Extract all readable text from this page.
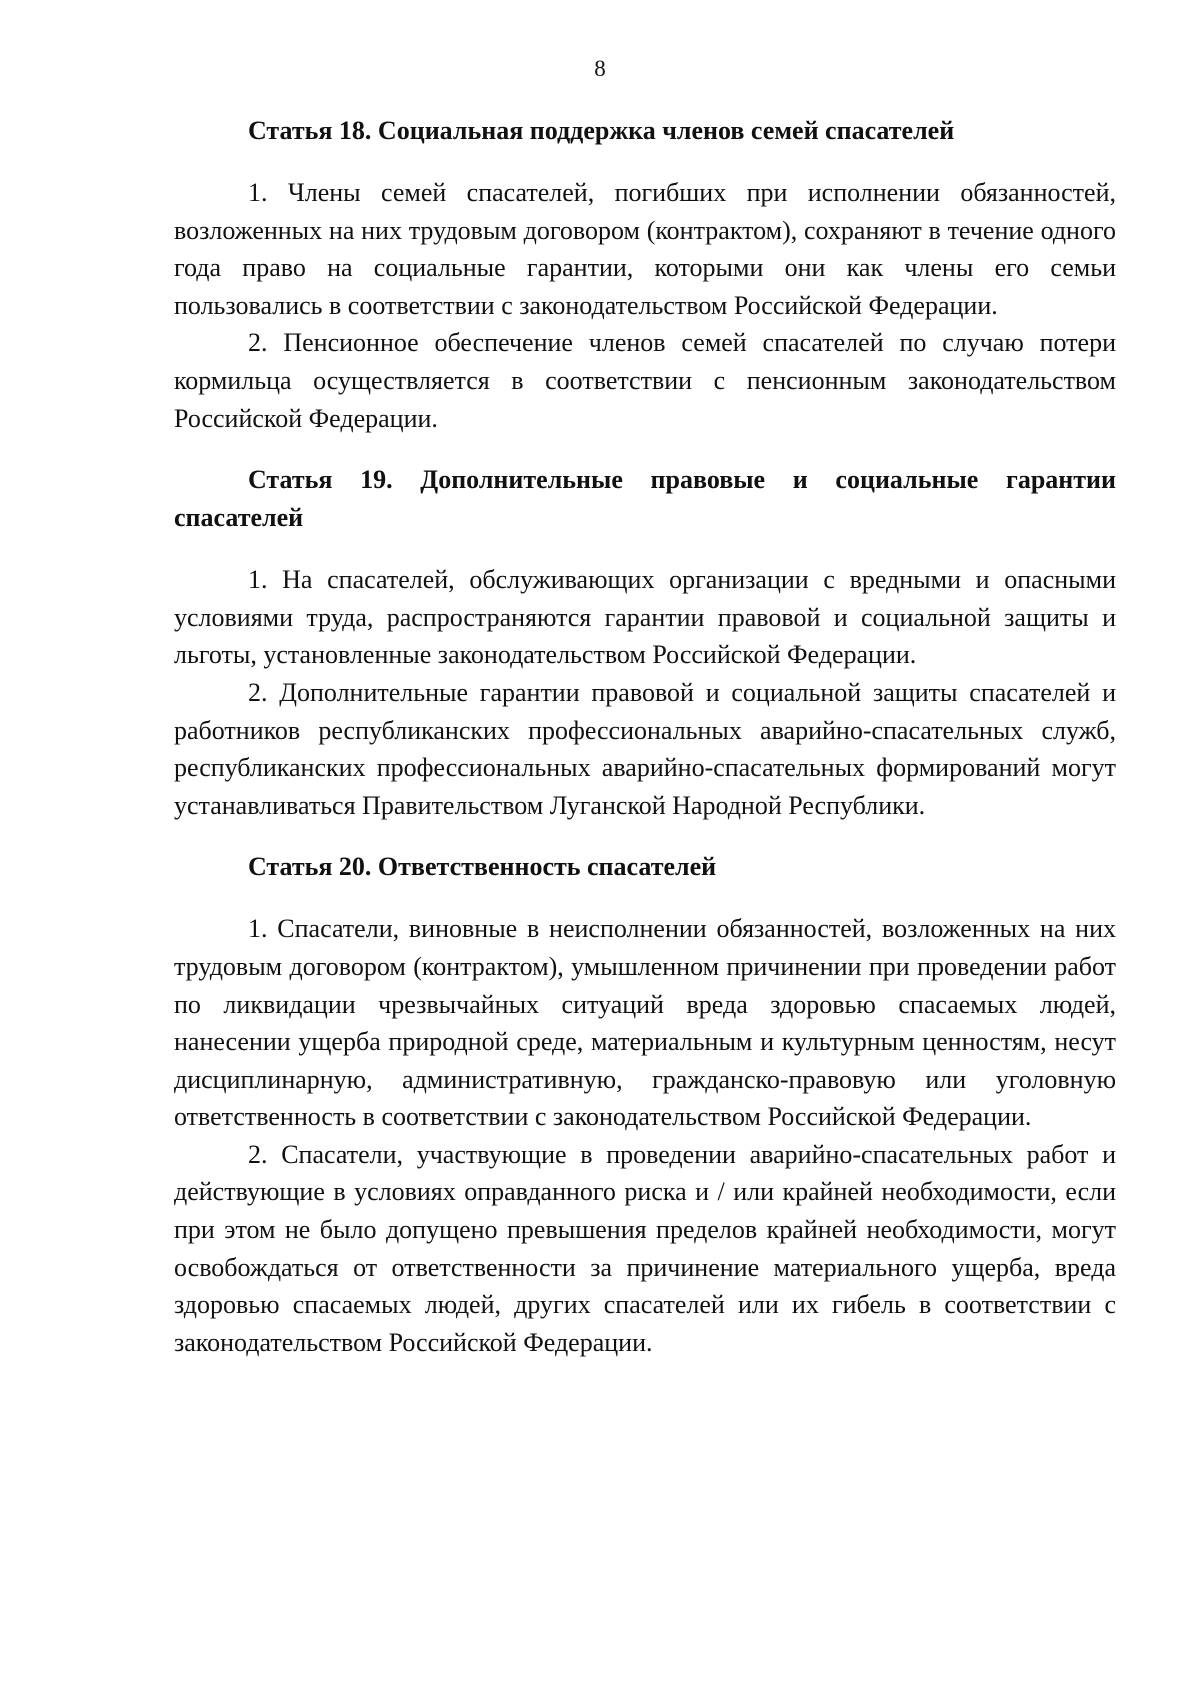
8
Статья 18. Социальная поддержка членов семей спасателей

1. Члены семей спасателей, погибших при исполнении обязанностей, возложенных на них трудовым договором (контрактом), сохраняют в течение одного года право на социальные гарантии, которыми они как члены его семьи пользовались в соответствии с законодательством Российской Федерации.

2. Пенсионное обеспечение членов семей спасателей по случаю потери кормильца осуществляется в соответствии с пенсионным законодательством Российской Федерации.

Статья 19. Дополнительные правовые и социальные гарантии спасателей

1. На спасателей, обслуживающих организации с вредными и опасными условиями труда, распространяются гарантии правовой и социальной защиты и льготы, установленные законодательством Российской Федерации.

2. Дополнительные гарантии правовой и социальной защиты спасателей и работников республиканских профессиональных аварийно-спасательных служб, республиканских профессиональных аварийно-спасательных формирований могут устанавливаться Правительством Луганской Народной Республики.

Статья 20. Ответственность спасателей

1. Спасатели, виновные в неисполнении обязанностей, возложенных на них трудовым договором (контрактом), умышленном причинении при проведении работ по ликвидации чрезвычайных ситуаций вреда здоровью спасаемых людей, нанесении ущерба природной среде, материальным и культурным ценностям, несут дисциплинарную, административную, гражданско-правовую или уголовную ответственность в соответствии с законодательством Российской Федерации.

2. Спасатели, участвующие в проведении аварийно-спасательных работ и действующие в условиях оправданного риска и / или крайней необходимости, если при этом не было допущено превышения пределов крайней необходимости, могут освобождаться от ответственности за причинение материального ущерба, вреда здоровью спасаемых людей, других спасателей или их гибель в соответствии с законодательством Российской Федерации.
